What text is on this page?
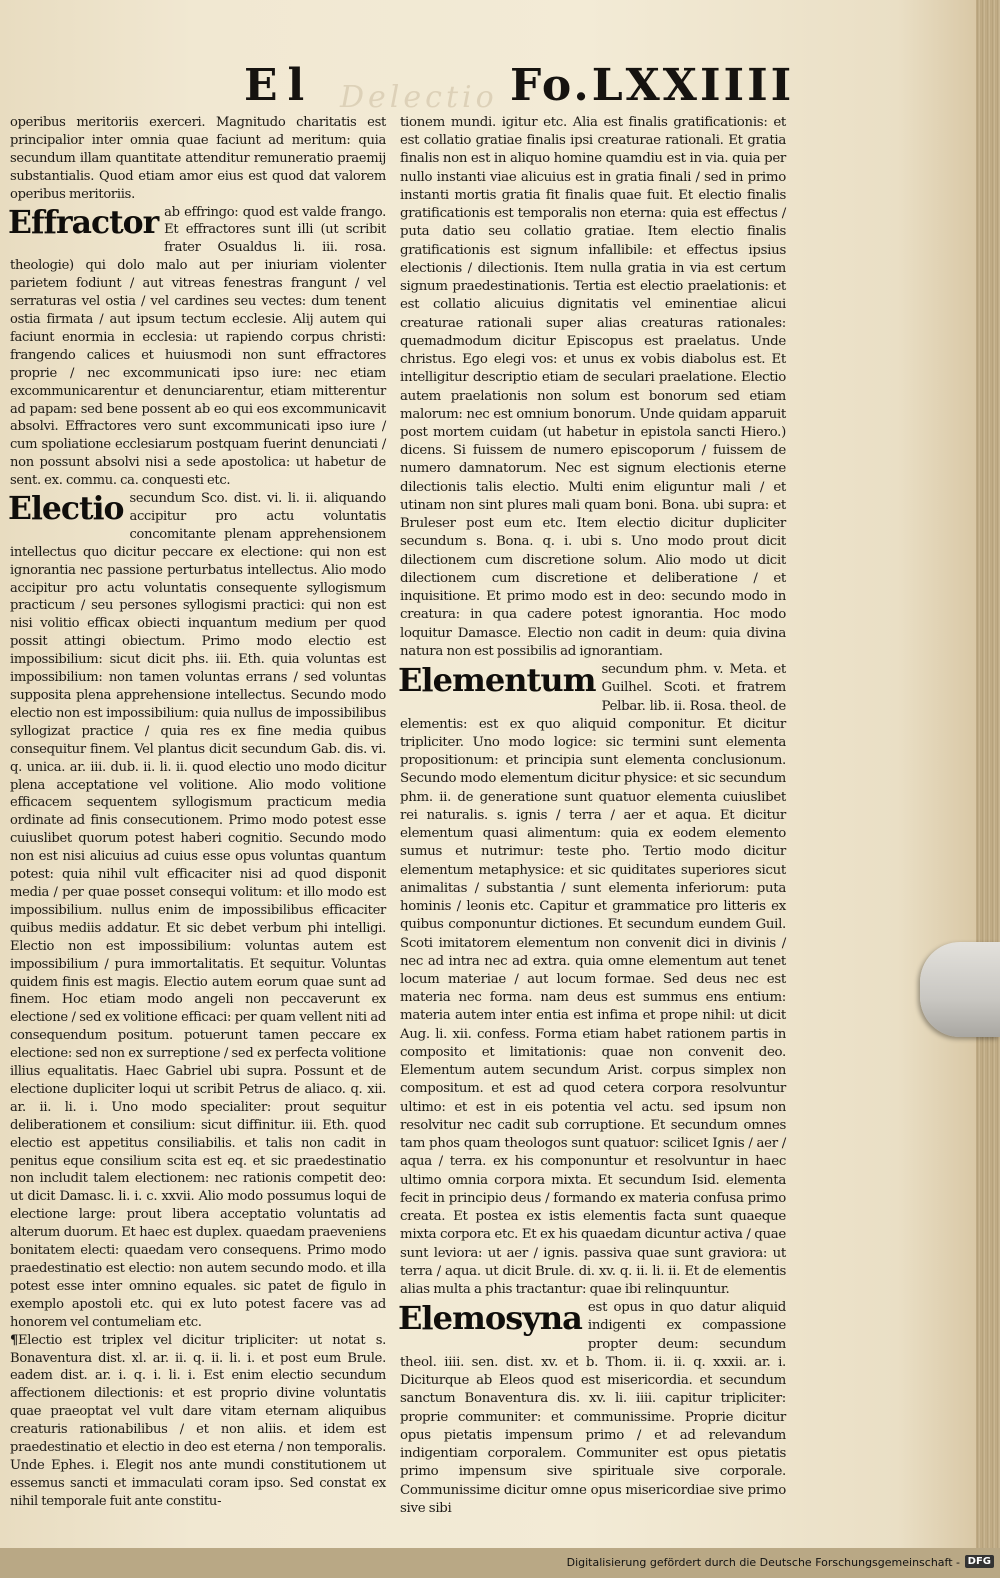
El Delectio Fo.LXXIIII

operibus meritoriis exerceri. Magnitudo charitatis est principalior inter omnia quae faciunt ad meritum: quia secundum illam quantitate attenditur remuneratio praemij substantialis. Quod etiam amor eius est quod dat valorem operibus meritoriis.

Effractor ab effringo: quod est valde frango. Et effractores sunt illi (ut scribit frater Osualdus li. iii. rosa. theologie) qui dolo malo aut per iniuriam violenter parietem fodiunt / aut vitreas fenestras frangunt / vel serraturas vel ostia / vel cardines seu vectes: dum tenent ostia firmata / aut ipsum tectum ecclesie. Alij autem qui faciunt enormia in ecclesia: ut rapiendo corpus christi: frangendo calices et huiusmodi non sunt effractores proprie / nec excommunicati ipso iure: nec etiam excommunicarentur et denunciarentur, etiam mitterentur ad papam: sed bene possent ab eo qui eos excommunicavit absolvi. Effractores vero sunt excommunicati ipso iure / cum spoliatione ecclesiarum postquam fuerint denunciati / non possunt absolvi nisi a sede apostolica: ut habetur de sent. ex. commu. ca. conquesti etc.

Electio secundum Sco. dist. vi. li. ii. aliquando accipitur pro actu voluntatis concomitante plenam apprehensionem intellectus quo dicitur peccare ex electione: qui non est ignorantia nec passione perturbatus intellectus. Alio modo accipitur pro actu voluntatis consequente syllogismum practicum / seu persones syllogismi practici: qui non est nisi volitio efficax obiecti inquantum medium per quod possit attingi obiectum. Primo modo electio est impossibilium: sicut dicit phs. iii. Eth. quia voluntas est impossibilium: non tamen voluntas errans / sed voluntas supposita plena apprehensione intellectus. Secundo modo electio non est impossibilium: quia nullus de impossibilibus syllogizat practice / quia res ex fine media quibus consequitur finem. Vel plantus dicit secundum Gab. dis. vi. q. unica. ar. iii. dub. ii. li. ii. quod electio uno modo dicitur plena acceptatione vel volitione. Alio modo volitione efficacem sequentem syllogismum practicum media ordinate ad finis consecutionem. Primo modo potest esse cuiuslibet quorum potest haberi cognitio. Secundo modo non est nisi alicuius ad cuius esse opus voluntas quantum potest: quia nihil vult efficaciter nisi ad quod disponit media / per quae posset consequi volitum: et illo modo est impossibilium. nullus enim de impossibilibus efficaciter quibus mediis addatur. Et sic debet verbum phi intelligi. Electio non est impossibilium: voluntas autem est impossibilium / pura immortalitatis. Et sequitur. Voluntas quidem finis est magis. Electio autem eorum quae sunt ad finem. Hoc etiam modo angeli non peccaverunt ex electione / sed ex volitione efficaci: per quam vellent niti ad consequendum positum. potuerunt tamen peccare ex electione: sed non ex surreptione / sed ex perfecta volitione illius equalitatis. Haec Gabriel ubi supra. Possunt et de electione dupliciter loqui ut scribit Petrus de aliaco. q. xii. ar. ii. li. i. Uno modo specialiter: prout sequitur deliberationem et consilium: sicut diffinitur. iii. Eth. quod electio est appetitus consiliabilis. et talis non cadit in penitus eque consilium scita est eq. et sic praedestinatio non includit talem electionem: nec rationis competit deo: ut dicit Damasc. li. i. c. xxvii. Alio modo possumus loqui de electione large: prout libera acceptatio voluntatis ad alterum duorum. Et haec est duplex. quaedam praeveniens bonitatem electi: quaedam vero consequens. Primo modo praedestinatio est electio: non autem secundo modo. et illa potest esse inter omnino equales. sic patet de figulo in exemplo apostoli etc. qui ex luto potest facere vas ad honorem vel contumeliam etc.

¶Electio est triplex vel dicitur tripliciter: ut notat s. Bonaventura dist. xl. ar. ii. q. ii. li. i. et post eum Brule. eadem dist. ar. i. q. i. li. i. Est enim electio secundum affectionem dilectionis: et est proprio divine voluntatis quae praeoptat vel vult dare vitam eternam aliquibus creaturis rationabilibus / et non aliis. et idem est praedestinatio et electio in deo est eterna / non temporalis. Unde Ephes. i. Elegit nos ante mundi constitutionem ut essemus sancti et immaculati coram ipso. Sed constat ex nihil temporale fuit ante constitu-

tionem mundi. igitur etc. Alia est finalis gratificationis: et est collatio gratiae finalis ipsi creaturae rationali. Et gratia finalis non est in aliquo homine quamdiu est in via. quia per nullo instanti viae alicuius est in gratia finali / sed in primo instanti mortis gratia fit finalis quae fuit. Et electio finalis gratificationis est temporalis non eterna: quia est effectus / puta datio seu collatio gratiae. Item electio finalis gratificationis est signum infallibile: et effectus ipsius electionis / dilectionis. Item nulla gratia in via est certum signum praedestinationis. Tertia est electio praelationis: et est collatio alicuius dignitatis vel eminentiae alicui creaturae rationali super alias creaturas rationales: quemadmodum dicitur Episcopus est praelatus. Unde christus. Ego elegi vos: et unus ex vobis diabolus est. Et intelligitur descriptio etiam de seculari praelatione. Electio autem praelationis non solum est bonorum sed etiam malorum: nec est omnium bonorum. Unde quidam apparuit post mortem cuidam (ut habetur in epistola sancti Hiero.) dicens. Si fuissem de numero episcoporum / fuissem de numero damnatorum. Nec est signum electionis eterne dilectionis talis electio. Multi enim eliguntur mali / et utinam non sint plures mali quam boni. Bona. ubi supra: et Bruleser post eum etc. Item electio dicitur dupliciter secundum s. Bona. q. i. ubi s. Uno modo prout dicit dilectionem cum discretione solum. Alio modo ut dicit dilectionem cum discretione et deliberatione / et inquisitione. Et primo modo est in deo: secundo modo in creatura: in qua cadere potest ignorantia. Hoc modo loquitur Damasce. Electio non cadit in deum: quia divina natura non est possibilis ad ignorantiam.

Elementum secundum phm. v. Meta. et Guilhel. Scoti. et fratrem Pelbar. lib. ii. Rosa. theol. de elementis: est ex quo aliquid componitur. Et dicitur tripliciter. Uno modo logice: sic termini sunt elementa propositionum: et principia sunt elementa conclusionum. Secundo modo elementum dicitur physice: et sic secundum phm. ii. de generatione sunt quatuor elementa cuiuslibet rei naturalis. s. ignis / terra / aer et aqua. Et dicitur elementum quasi alimentum: quia ex eodem elemento sumus et nutrimur: teste pho. Tertio modo dicitur elementum metaphysice: et sic quiditates superiores sicut animalitas / substantia / sunt elementa inferiorum: puta hominis / leonis etc. Capitur et grammatice pro litteris ex quibus componuntur dictiones. Et secundum eundem Guil. Scoti imitatorem elementum non convenit dici in divinis / nec ad intra nec ad extra. quia omne elementum aut tenet locum materiae / aut locum formae. Sed deus nec est materia nec forma. nam deus est summus ens entium: materia autem inter entia est infima et prope nihil: ut dicit Aug. li. xii. confess. Forma etiam habet rationem partis in composito et limitationis: quae non convenit deo. Elementum autem secundum Arist. corpus simplex non compositum. et est ad quod cetera corpora resolvuntur ultimo: et est in eis potentia vel actu. sed ipsum non resolvitur nec cadit sub corruptione. Et secundum omnes tam phos quam theologos sunt quatuor: scilicet Ignis / aer / aqua / terra. ex his componuntur et resolvuntur in haec ultimo omnia corpora mixta. Et secundum Isid. elementa fecit in principio deus / formando ex materia confusa primo creata. Et postea ex istis elementis facta sunt quaeque mixta corpora etc. Et ex his quaedam dicuntur activa / quae sunt leviora: ut aer / ignis. passiva quae sunt graviora: ut terra / aqua. ut dicit Brule. di. xv. q. ii. li. ii. Et de elementis alias multa a phis tractantur: quae ibi relinquuntur.

Elemosyna est opus in quo datur aliquid indigenti ex compassione propter deum: secundum theol. iiii. sen. dist. xv. et b. Thom. ii. ii. q. xxxii. ar. i. Diciturque ab Eleos quod est misericordia. et secundum sanctum Bonaventura dis. xv. li. iiii. capitur tripliciter: proprie communiter: et communissime. Proprie dicitur opus pietatis impensum primo / et ad relevandum indigentiam corporalem. Communiter est opus pietatis primo impensum sive spirituale sive corporale. Communissime dicitur omne opus misericordiae sive primo sive sibi

Digitalisierung gefördert durch die Deutsche Forschungsgemeinschaft - DFG
